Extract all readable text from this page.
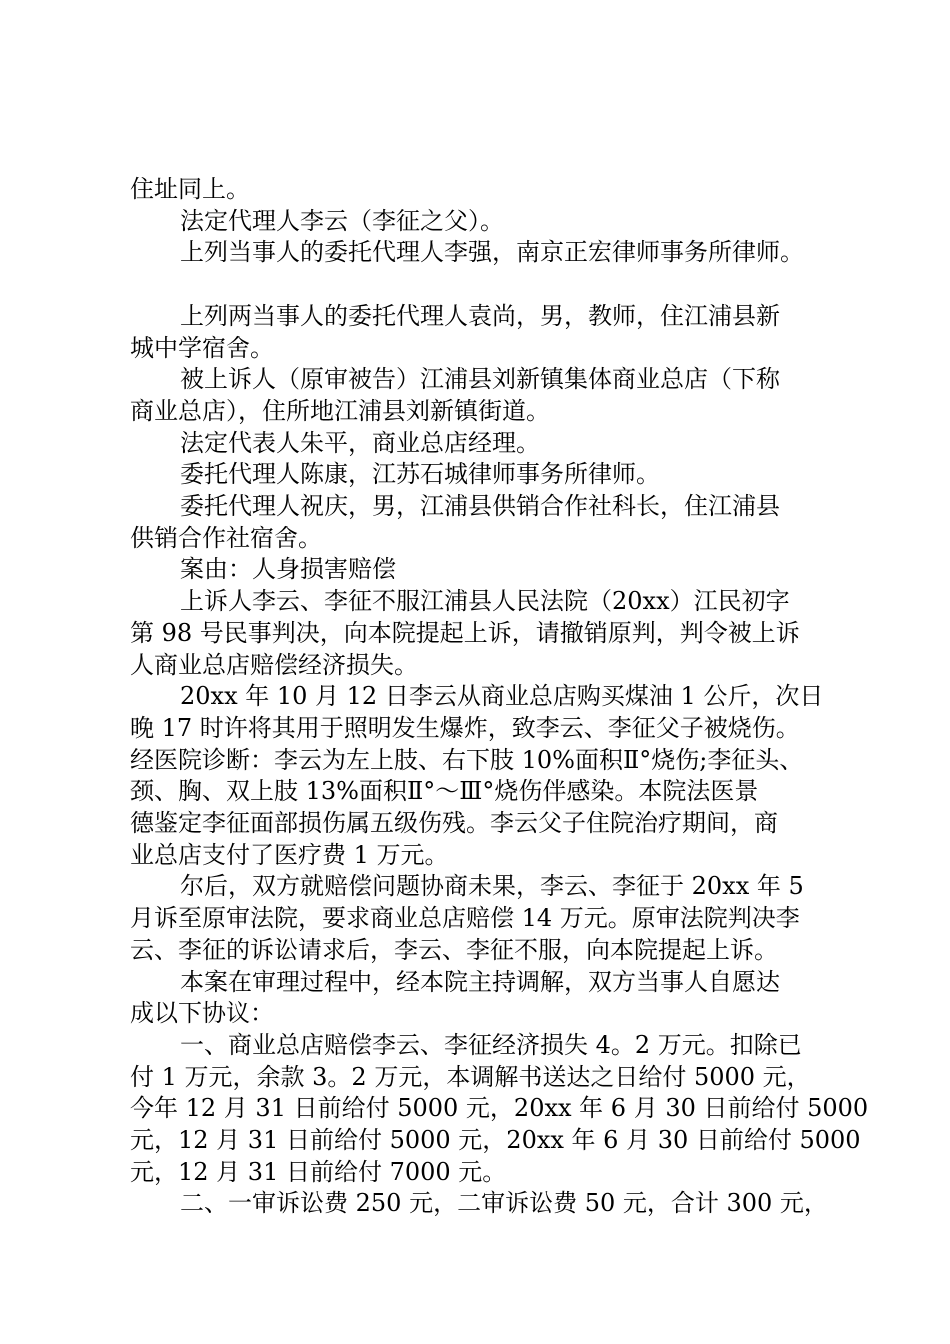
住址同上。
法定代理人李云（李征之父）。
上列当事人的委托代理人李强，南京正宏律师事务所律师。
上列两当事人的委托代理人袁尚，男，教师，住江浦县新
城中学宿舍。
被上诉人（原审被告）江浦县刘新镇集体商业总店（下称
商业总店），住所地江浦县刘新镇街道。
法定代表人朱平，商业总店经理。
委托代理人陈康，江苏石城律师事务所律师。
委托代理人祝庆，男，江浦县供销合作社科长，住江浦县
供销合作社宿舍。
案由：人身损害赔偿
上诉人李云、李征不服江浦县人民法院（20xx）江民初字
第 98 号民事判决，向本院提起上诉，请撤销原判，判令被上诉
人商业总店赔偿经济损失。
20xx 年 10 月 12 日李云从商业总店购买煤油 1 公斤，次日
晚 17 时许将其用于照明发生爆炸，致李云、李征父子被烧伤。
经医院诊断：李云为左上肢、右下肢 10%面积Ⅱ°烧伤;李征头、
颈、胸、双上肢 13%面积Ⅱ°～Ⅲ°烧伤伴感染。本院法医景
德鉴定李征面部损伤属五级伤残。李云父子住院治疗期间，商
业总店支付了医疗费 1 万元。
尔后，双方就赔偿问题协商未果，李云、李征于 20xx 年 5
月诉至原审法院，要求商业总店赔偿 14 万元。原审法院判决李
云、李征的诉讼请求后，李云、李征不服，向本院提起上诉。
本案在审理过程中，经本院主持调解，双方当事人自愿达
成以下协议：
一、商业总店赔偿李云、李征经济损失 4。2 万元。扣除已
付 1 万元，余款 3。2 万元，本调解书送达之日给付 5000 元，
今年 12 月 31 日前给付 5000 元，20xx 年 6 月 30 日前给付 5000
元，12 月 31 日前给付 5000 元，20xx 年 6 月 30 日前给付 5000
元，12 月 31 日前给付 7000 元。
二、一审诉讼费 250 元，二审诉讼费 50 元，合计 300 元，
